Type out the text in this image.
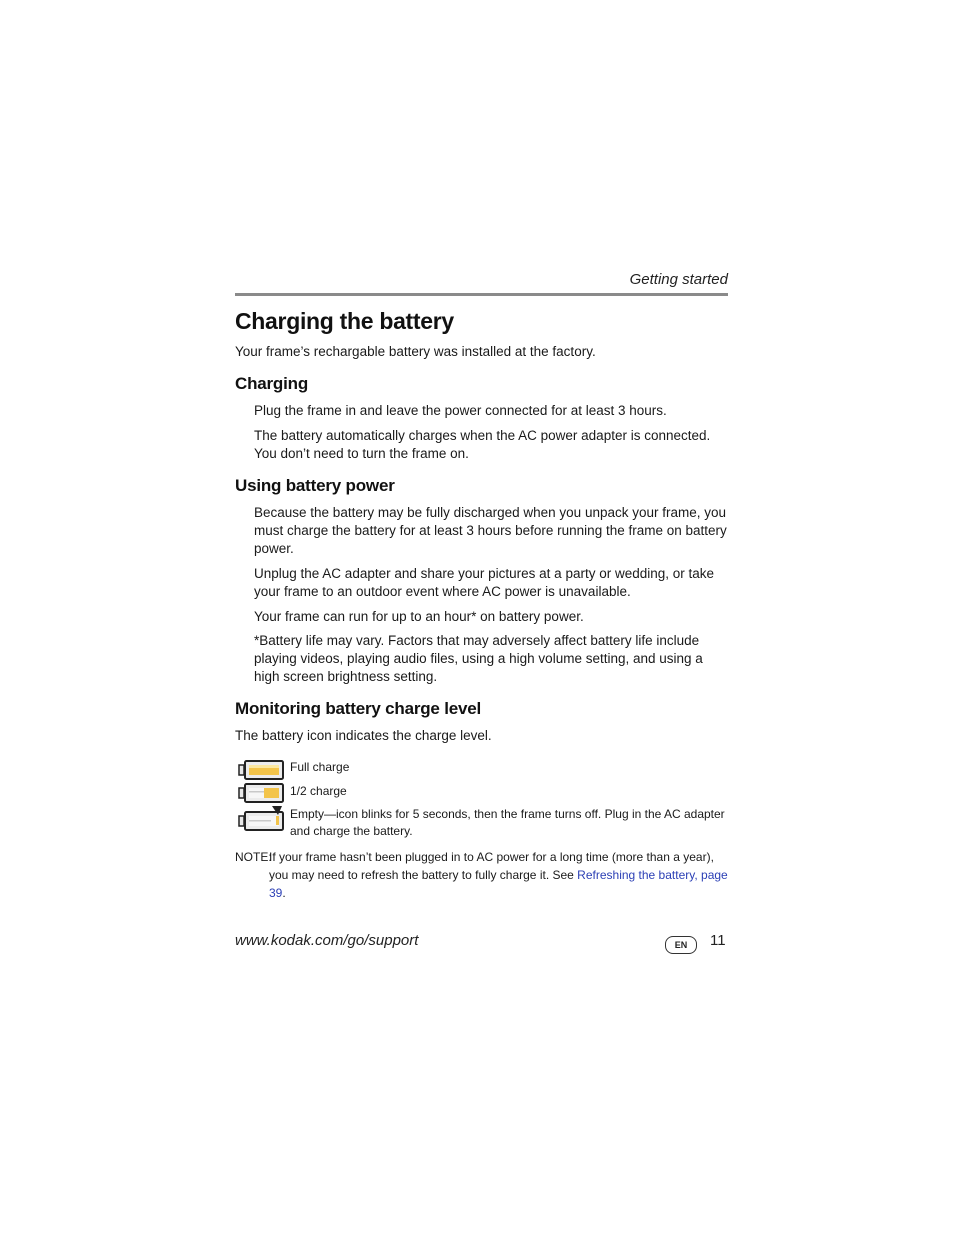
Getting started
Charging the battery

Your frame’s rechargable battery was installed at the factory.

Charging

Plug the frame in and leave the power connected for at least 3 hours.

The battery automatically charges when the AC power adapter is connected. You don’t need to turn the frame on.

Using battery power

Because the battery may be fully discharged when you unpack your frame, you must charge the battery for at least 3 hours before running the frame on battery power.

Unplug the AC adapter and share your pictures at a party or wedding, or take your frame to an outdoor event where AC power is unavailable.

Your frame can run for up to an hour* on battery power.

*Battery life may vary. Factors that may adversely affect battery life include playing videos, playing audio files, using a high volume setting, and using a high screen brightness setting.

Monitoring battery charge level

The battery icon indicates the charge level.

Full charge
1/2 charge
Empty—icon blinks for 5 seconds, then the frame turns off. Plug in the AC adapter and charge the battery.
NOTE:
If your frame hasn’t been plugged in to AC power for a long time (more than a year), you may need to refresh the battery to fully charge it. See Refreshing the battery, page 39.
www.kodak.com/go/support	EN	11
